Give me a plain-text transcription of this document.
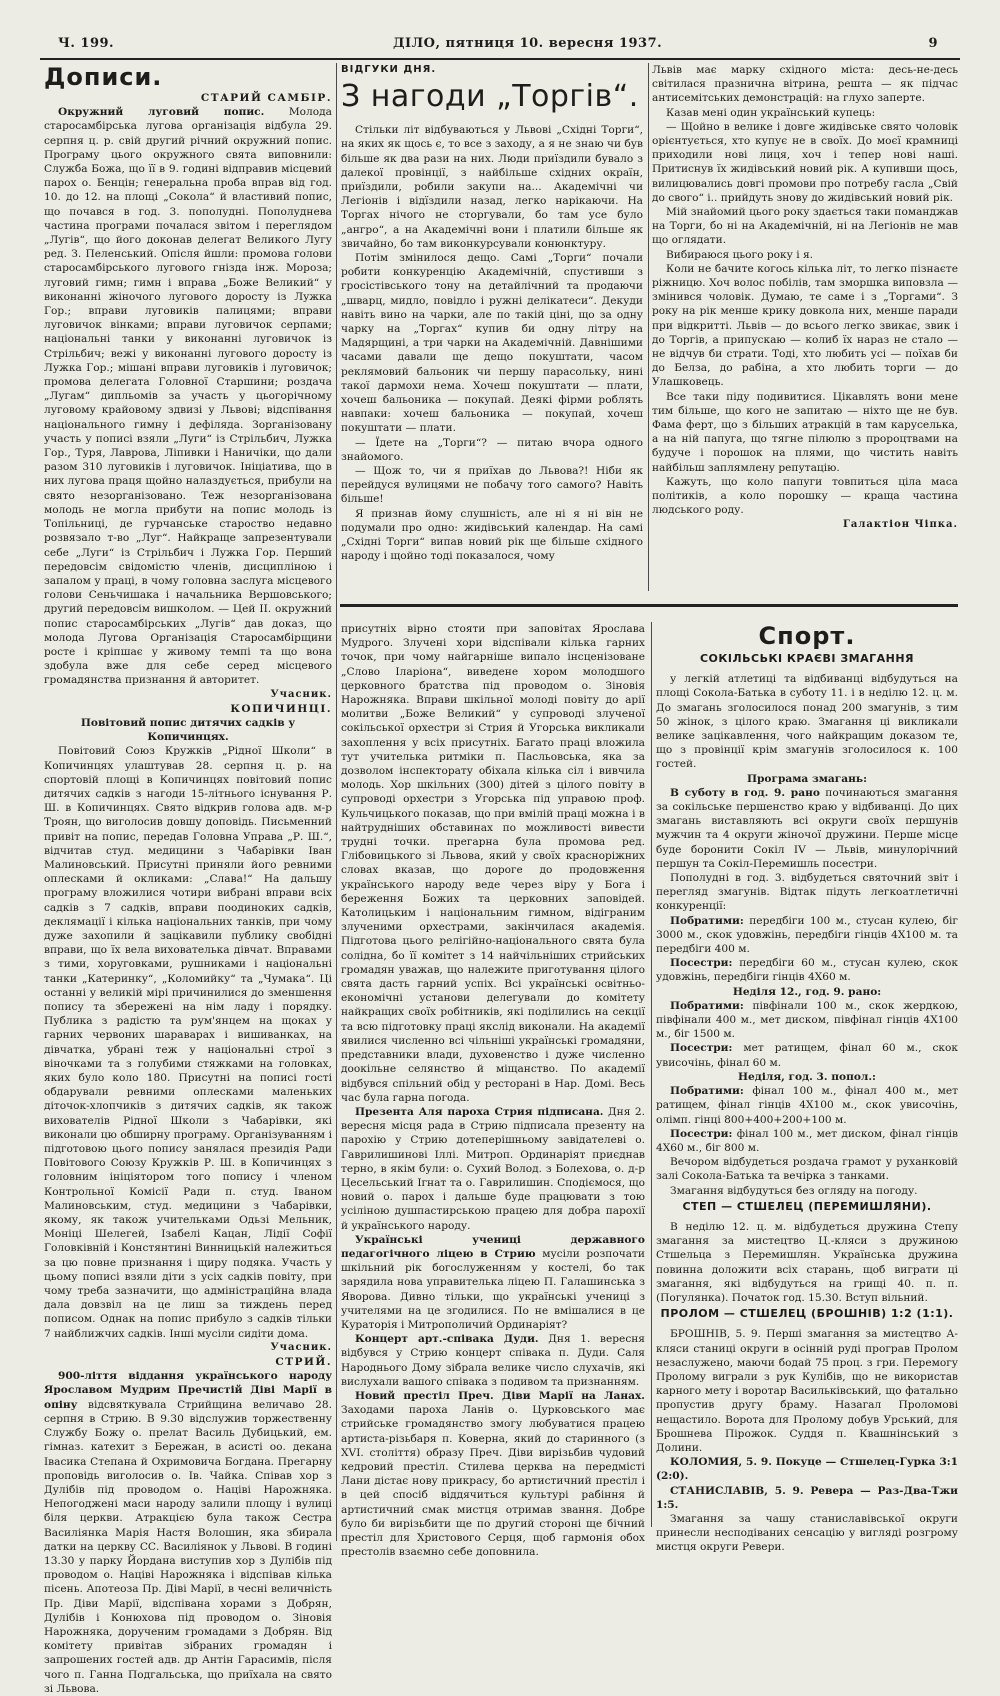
Ч. 199.	ДІЛО, пятниця 10. вересня 1937.	9
Дописи.
СТАРИЙ САМБІР.

Окружний луговий попис. Молода старосамбірська лугова організація відбула 29. серпня ц. р. свій другий річний окружний попис. Програму цього окружного свята виповнили: Служба Божа, що її в 9. годині відправив місцевий парох о. Бенцін; генеральна проба вправ від год. 10. до 12. на площі „Сокола“ й властивий попис, що почався в год. 3. пополудні. Пополуднева частина програми почалася звітом і переглядом „Лугів“, що його доконав делегат Великого Лугу ред. З. Пеленський. Опісля йшли: промова голови старосамбірського лугового гнізда інж. Мороза; луговий гимн; гимн і вправа „Боже Великий“ у виконанні жіночого лугового доросту із Лужка Гор.; вправи луговиків палицями; вправи луговичок вінками; вправи луговичок серпами; національні танки у виконанні луговичок із Стрільбич; вежі у виконанні лугового доросту із Лужка Гор.; мішані вправи луговиків і луговичок; промова делегата Головної Старшини; роздача „Лугам“ дипльомів за участь у цьогорічному луговому крайовому здвизі у Львові; відспівання національного гимну і дефіляда. Зорганізовану участь у пописі взяли „Луги“ із Стрільбич, Лужка Гор., Туря, Лаврова, Ліпивки і Наничіки, що дали разом 310 луговиків і луговичок. Ініціатива, що в них лугова праця щойно налаздується, прибули на свято незорганізовано. Теж незорганізована молодь не могла прибути на попис молодь із Топільниці, де гурчанське староство недавно розвязало т-во „Луг“. Найкраще запрезентували себе „Луги“ із Стрільбич і Лужка Гор. Перший передовсім свідомістю членів, дисципліною і запалом у праці, в чому головна заслуга місцевого голови Сеньчишака і начальника Вершовського; другий передовсім вишколом. — Цей II. окружний попис старосамбірських „Лугів“ дав доказ, що молода Лугова Організація Старосамбірщини росте і кріпшає у живому темпі та що вона здобула вже для себе серед місцевого громадянства признання й авторитет.

Учасник.
КОПИЧИНЦІ.

Повітовий попис дитячих садків у Копичинцях.

Повітовий Союз Кружків „Рідної Школи“ в Копичинцях улаштував 28. серпня ц. р. на спортовій площі в Копичинцях повітовий попис дитячих садків з нагоди 15-літнього існування Р. Ш. в Копичинцях. Свято відкрив голова адв. м-р Троян, що виголосив довшу доповідь. Письменний привіт на попис, передав Головна Управа „Р. Ш.“, відчитав студ. медицини з Чабарівки Іван Малиновський. Присутні приняли його ревними оплесками й окликами: „Слава!“ На дальшу програму вложилися чотири вибрані вправи всіх садків з 7 садків, вправи поодиноких садків, деклямації і кілька національних танків, при чому дуже захопили й зацікавили публику свобідні вправи, що їх вела вихователька дівчат. Вправами з тими, хоруговками, рушниками і національні танки „Катеринку“, „Коломийку“ та „Чумака“. Ці останні у великій мірі причинилися до зменшення попису та збережені на нім ладу і порядку. Публика з радістю та рум'янцем на щоках у гарних червоних шараварах і вишиванках, на дівчатка, убрані теж у національні строї з віночками та з голубими стяжками на головках, яких було коло 180. Присутні на пописі гості обдарували ревними оплесками маленьких діточок-хлопчиків з дитячих садків, як також вихователів Рідної Школи з Чабарівки, які виконали цю обширну програму. Організуванням і підготовою цього попису занялася президія Ради Повітового Союзу Кружків Р. Ш. в Копичинцях з головним ініціятором того попису і членом Контрольної Комісії Ради п. студ. Іваном Малиновським, студ. медицини з Чабарівки, якому, як також учительками Одьзі Мельник, Моніці Шелегей, Ізабелі Кацан, Лідії Софії Головківній і Констянтині Винницькій належиться за цю повне признання і щиру подяка. Участь у цьому пописі взяли діти з усіх садків повіту, при чому треба зазначити, що адміністраційна влада дала довзвіл на це лиш за тиждень перед пописом. Однак на попис прибуло з садків тільки 7 найближчих садків. Інші мусіли сидіти дома.

Учасник.
СТРИЙ.

900-ліття віддання українського народу Ярославом Мудрим Пречистій Діві Марії в опіну відсвяткувала Стрийщина величаво 28. серпня в Стрию. В 9.30 відслужив торжественну Службу Божу о. прелат Василь Дубицький, ем. гімназ. катехит з Бережан, в асисті оо. декана Івасика Степана й Охримовича Богдана. Прегарну проповідь виголосив о. Ів. Чайка. Співав хор з Дулібів під проводом о. Націві Нарожняка. Непогоджені маси народу залили площу і вулиці біля церкви. Атракцією була також Сестра Василіянка Марія Настя Волошин, яка збирала датки на церкву СС. Василіянок у Львові. В годині 13.30 у парку Йордана виступив хор з Дулібів під проводом о. Націві Нарожняка і відспівав кілька пісень. Апотеоза Пр. Діві Марії, в чесні величність Пр. Діви Марії, відспівана хорами з Добрян, Дулібів і Конюхова під проводом о. Зіновія Нарожняка, дорученим громадами з Добрян. Від комітету привітав зібраних громадян і запрошених гостей адв. др Антін Гарасимів, після чого п. Ганна Подгальська, що приїхала на свято зі Львова.

ВІДГУКИ ДНЯ.
З нагоди „Торгів“.

Стільки літ відбуваються у Львові „Східні Торги“, на яких як щось є, то все з заходу, а я не знаю чи був більше як два рази на них. Люди приїздили бувало з далекої провінції, з найбільше східних окраїн, приїздили, робили закупи на... Академічні чи Легіонів і відїздили назад, легко нарікаючи. На Торгах нічого не сторгували, бо там усе було „ангро“, а на Академічні вони і платили більше як звичайно, бо там виконкурсували конюнктуру.

Потім змінилося дещо. Самі „Торги“ почали робити конкуренцію Академічній, спустивши з гросістівського тону на детайлічний та продаючи „шварц, мидло, повідло і ружні делікатеси“. Декуди навіть вино на чарки, але по такій ціні, що за одну чарку на „Торгах“ купив би одну літру на Мадярщині, а три чарки на Академічній. Давнішими часами давали ще дещо покуштати, часом реклямовий бальоник чи першу парасольку, нині такої дармохи нема. Хочеш покуштати — плати, хочеш бальоника — покупай. Деякі фірми роблять навпаки: хочеш бальоника — покупай, хочеш покуштати — плати.

— Їдете на „Торги“? — питаю вчора одного знайомого.

— Щож то, чи я приїхав до Львова?! Ніби як перейдуся вулицями не побачу того самого? Навіть більше!

Я признав йому слушність, але ні я ні він не подумали про одно: жидівський календар. На самі „Східні Торги“ випав новий рік ще більше східного народу і щойно тоді показалося, чому

Львів має марку східного міста: десь-не-десь світилася празнична вітрина, решта — як підчас антисемітських демонстрацій: на глухо заперте.

Казав мені один український купець:

— Щойно в велике і довге жидівське свято чоловік орієнтується, хто купує не в своїх. До моєї крамниці приходили нові лиця, хоч і тепер нові наші. Притиснув їх жидівський новий рік. А купивши щось, вилицювались довгі промови про потребу гасла „Свій до свого“ і.. прийдуть знову до жидівський новий рік.

Мій знайомий цього року здається таки поманджав на Торги, бо ні на Академічній, ні на Легіонів не мав що оглядати.

Вибираюся цього року і я.

Коли не бачите когось кілька літ, то легко пізнаєте ріжницю. Хоч волос побілів, там зморшка виповзла — змінився чоловік. Думаю, те саме і з „Торгами“. З року на рік менше крику довкола них, менше паради при відкритті. Львів — до всього легко звикає, звик і до Торгів, а припускаю — колиб їх нараз не стало — не відчув би страти. Тоді, хто любить усі — поїхав би до Белза, до рабіна, а хто любить торги — до Улашковець.

Все таки піду подивитися. Цікавлять вони мене тим більше, що кого не запитаю — ніхто ще не був. Фама ферт, що з більших атракцій в там каруселька, а на ній папуга, що тягне пілюлю з пророцтвами на будуче і порошок на плями, що чистить навіть найбільш заплямлену репутацію.

Кажуть, що коло папуги товпиться ціла маса політиків, а коло порошку — краща частина людського роду.

Галактіон Чіпка.

присутніх вірно стояти при заповітах Ярослава Мудрого. Злучені хори відспівали кілька гарних точок, при чому найгарніше випало інсценізоване „Слово Іларіона“, виведене хором молодшого церковного братства під проводом о. Зіновія Нарожняка. Вправи шкільної молоді повіту до арії молитви „Боже Великий“ у супроводі злученої сокільської орхестри зі Стрия й Угорська викликали захоплення у всіх присутніх. Багато праці вложила тут учителька ритміки п. Пасльовська, яка за дозволом інспекторату обіхала кілька сіл і вивчила молодь. Хор шкільних (300) дітей з цілого повіту в супроводі орхестри з Угорська під управою проф. Кульчицького показав, що при вмілій праці можна і в найтрудніших обставинах по можливості вивести трудні точки. прегарна була промова ред. Глібовицького зі Львова, який у своїх красноріжних словах вказав, що дороге до продовження українського народу веде через віру у Бога і береження Божих та церковних заповідей. Католицьким і національним гимном, відіграним злученими орхестрами, закінчилася академія. Підготова цього релігійно-національного свята була солідна, бо її комітет з 14 найчільніших стрийських громадян уважав, що належите приготування цілого свята дасть гарний успіх. Всі українські освітньо-економічні установи делегували до комітету найкращих своїх робітників, які поділились на секції та всю підготовку праці якслід виконали. На академії явилися численно всі чільніші українські громадяни, представники влади, духовенство і дуже численно доокільне селянство й міщанство. По академії відбувся спільний обід у ресторані в Нар. Домі. Весь час була гарна погода.

Презента Аля пароха Стрия підписана. Дня 2. вересня місця рада в Стрию підписала презенту на парохію у Стрию дотеперішньому завідателеві о. Гаврилишинові Іллі. Митроп. Ординаріят приєднав терно, в якім були: о. Сухий Волод. з Болехова, о. д-р Цесельський Ігнат та о. Гаврилишин. Сподіємося, що новий о. парох і дальше буде працювати з тою усіліною душпастирською працею для добра парохії й українського народу.

Українські учениці державного педагогічного ліцею в Стрию мусіли розпочати шкільний рік богослуженням у костелі, бо так зарядила нова управителька ліцею П. Галашинська з Яворова. Дивно тільки, що українські учениці з учителями на це згодилися. По не вмішалися в це Кураторія і Митрополичий Ординаріят?

Концерт арт.-співака Дуди. Дня 1. вересня відбувся у Стрию концерт співака п. Дуди. Саля Народнього Дому зібрала велике число слухачів, які вислухали вашого співака з подивом та признанням.

Новий престіл Преч. Діви Марії на Ланах. Заходами пароха Ланів о. Цурковського має стрийське громадянство змогу любуватися працею артиста-різьбаря п. Коверна, який до старинного (з XVI. століття) образу Преч. Діви вирізьбив чудовий кедровий престіл. Стилева церква на передмісті Лани дістає нову прикрасу, бо артистичний престіл і в цей спосіб віддячиться культурі рабіння й артистичний смак мистця отримав звання. Добре було би вирізьбити ще по другий стороні ще бічний престіл для Христового Серця, щоб гармонія обох престолів взаємно себе доповнила.

Спорт.
СОКІЛЬСЬКІ КРАЄВІ ЗМАГАННЯ

у легкій атлетиці та відбиванці відбудуться на площі Сокола-Батька в суботу 11. і в неділю 12. ц. м. До змагань зголосилося понад 200 змагунів, з тим 50 жінок, з цілого краю. Змагання ці викликали велике зацікавлення, чого найкращим доказом те, що з провінції крім змагунів зголосилося к. 100 гостей.

Програма змагань:

В суботу в год. 9. рано починаються змагання за сокільське першенство краю у відбиванці. До цих змагань виставляють всі округи своїх першунів мужчин та 4 округи жіночої дружини. Перше місце буде боронити Сокіл IV — Львів, минулорічний першун та Сокіл-Перемишль посестри.

Пополудні в год. 3. відбудеться святочний звіт і перегляд змагунів. Відтак підуть легкоатлетичні конкуренції:

Побратими: передбіги 100 м., стусан кулею, біг 3000 м., скок удовжінь, передбіги гінців 4Х100 м. та передбіги 400 м.

Посестри: передбіги 60 м., стусан кулею, скок удовжінь, передбіги гінців 4Х60 м.

Неділя 12., год. 9. рано:

Побратими: півфінали 100 м., скок жердкою, півфінали 400 м., мет диском, півфінал гінців 4Х100 м., біг 1500 м.

Посестри: мет ратищем, фінал 60 м., скок увисочінь, фінал 60 м.

Неділя, год. 3. попол.:

Побратими: фінал 100 м., фінал 400 м., мет ратищем, фінал гінців 4Х100 м., скок увисочінь, олімп. гінці 800+400+200+100 м.

Посестри: фінал 100 м., мет диском, фінал гінців 4Х60 м., біг 800 м.

Вечором відбудеться роздача грамот у руханковій залі Сокола-Батька та вечірка з танками.

Змагання відбудуться без огляду на погоду.

СТЕП — СТШЕЛЕЦ (ПЕРЕМИШЛЯНИ).

В неділю 12. ц. м. відбудеться дружина Степу змагання за мистецтво Ц.-кляси з дружиною Стшельца з Перемишлян. Українська дружина повинна доложити всіх старань, щоб виграти ці змагання, які відбудуться на грищі 40. п. п. (Погулянка). Початок год. 15.30. Вступ вільний.

ПРОЛОМ — СТШЕЛЕЦ (БРОШНІВ) 1:2 (1:1).

БРОШНІВ, 5. 9. Перші змагання за мистецтво А-кляси станиці округи в осінній руді програв Пролом незаслужено, маючи бодай 75 проц. з гри. Перемогу Пролому виграли з рук Кулібів, що не використав карного мету і воротар Васильківський, що фатально пропустив другу браму. Назагал Проломові нещастило. Ворота для Пролому добув Урський, для Брошнева Пірожок. Суддя п. Квашнінський з Долини.

КОЛОМИЯ, 5. 9. Покуце — Стшелец-Гурка 3:1 (2:0).

СТАНИСЛАВІВ, 5. 9. Ревера — Раз-Два-Тжи 1:5.

Змагання за чашу станиславівської округи принесли несподіваних сенсацію у вигляді розгрому мистця округи Ревери.
